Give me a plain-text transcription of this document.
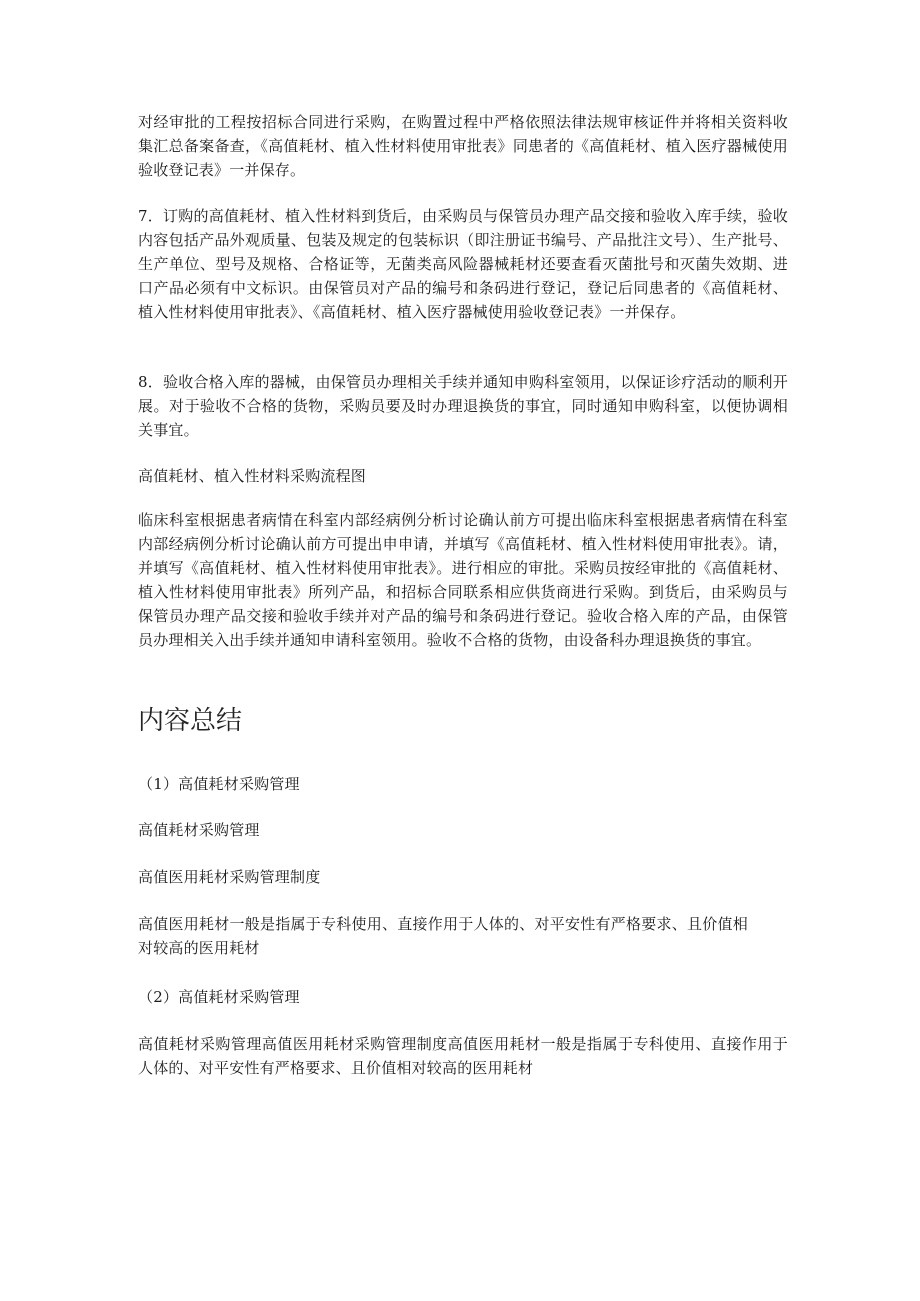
对经审批的工程按招标合同进行采购，在购置过程中严格依照法律法规审核证件并将相关资料收集汇总备案备查，《高值耗材、植入性材料使用审批表》同患者的《高值耗材、植入医疗器械使用验收登记表》一并保存。

7．订购的高值耗材、植入性材料到货后，由采购员与保管员办理产品交接和验收入库手续，验收内容包括产品外观质量、包装及规定的包装标识（即注册证书编号、产品批注文号）、生产批号、生产单位、型号及规格、合格证等，无菌类高风险器械耗材还要查看灭菌批号和灭菌失效期、进口产品必须有中文标识。由保管员对产品的编号和条码进行登记，登记后同患者的《高值耗材、植入性材料使用审批表》、《高值耗材、植入医疗器械使用验收登记表》一并保存。

8．验收合格入库的器械，由保管员办理相关手续并通知申购科室领用，以保证诊疗活动的顺利开展。对于验收不合格的货物，采购员要及时办理退换货的事宜，同时通知申购科室，以便协调相关事宜。

高值耗材、植入性材料采购流程图

临床科室根据患者病情在科室内部经病例分析讨论确认前方可提出临床科室根据患者病情在科室内部经病例分析讨论确认前方可提出申申请，并填写《高值耗材、植入性材料使用审批表》。请，并填写《高值耗材、植入性材料使用审批表》。进行相应的审批。采购员按经审批的《高值耗材、植入性材料使用审批表》所列产品，和招标合同联系相应供货商进行采购。到货后，由采购员与保管员办理产品交接和验收手续并对产品的编号和条码进行登记。验收合格入库的产品，由保管员办理相关入出手续并通知申请科室领用。验收不合格的货物，由设备科办理退换货的事宜。

内容总结

（1）高值耗材采购管理

高值耗材采购管理

高值医用耗材采购管理制度

高值医用耗材一般是指属于专科使用、直接作用于人体的、对平安性有严格要求、且价值相对较高的医用耗材

（2）高值耗材采购管理

高值耗材采购管理高值医用耗材采购管理制度高值医用耗材一般是指属于专科使用、直接作用于人体的、对平安性有严格要求、且价值相对较高的医用耗材
